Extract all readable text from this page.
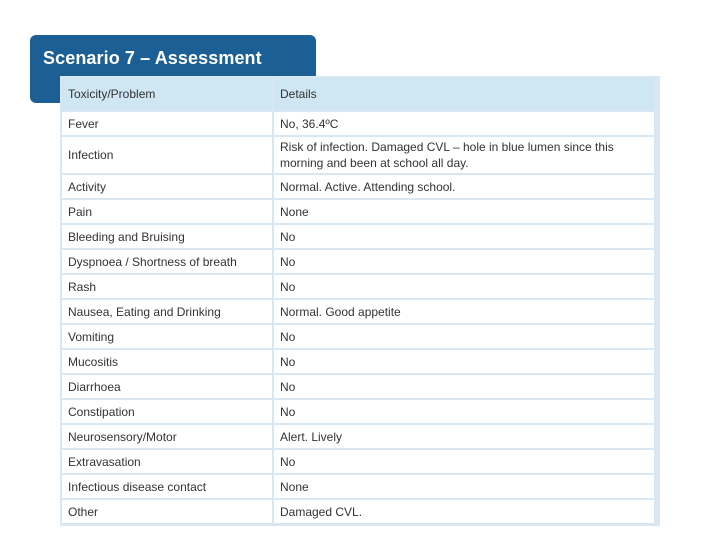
Scenario 7 – Assessment
Toxicity/Problem	Details
Fever	No, 36.4ºC
Infection	Risk of infection. Damaged CVL – hole in blue lumen since this morning and been at school all day.
Activity	Normal. Active. Attending school.
Pain	None
Bleeding and Bruising	No
Dyspnoea / Shortness of breath	No
Rash	No
Nausea, Eating and Drinking	Normal. Good appetite
Vomiting	No
Mucositis	No
Diarrhoea	No
Constipation	No
Neurosensory/Motor	Alert. Lively
Extravasation	No
Infectious disease contact	None
Other	Damaged CVL.
